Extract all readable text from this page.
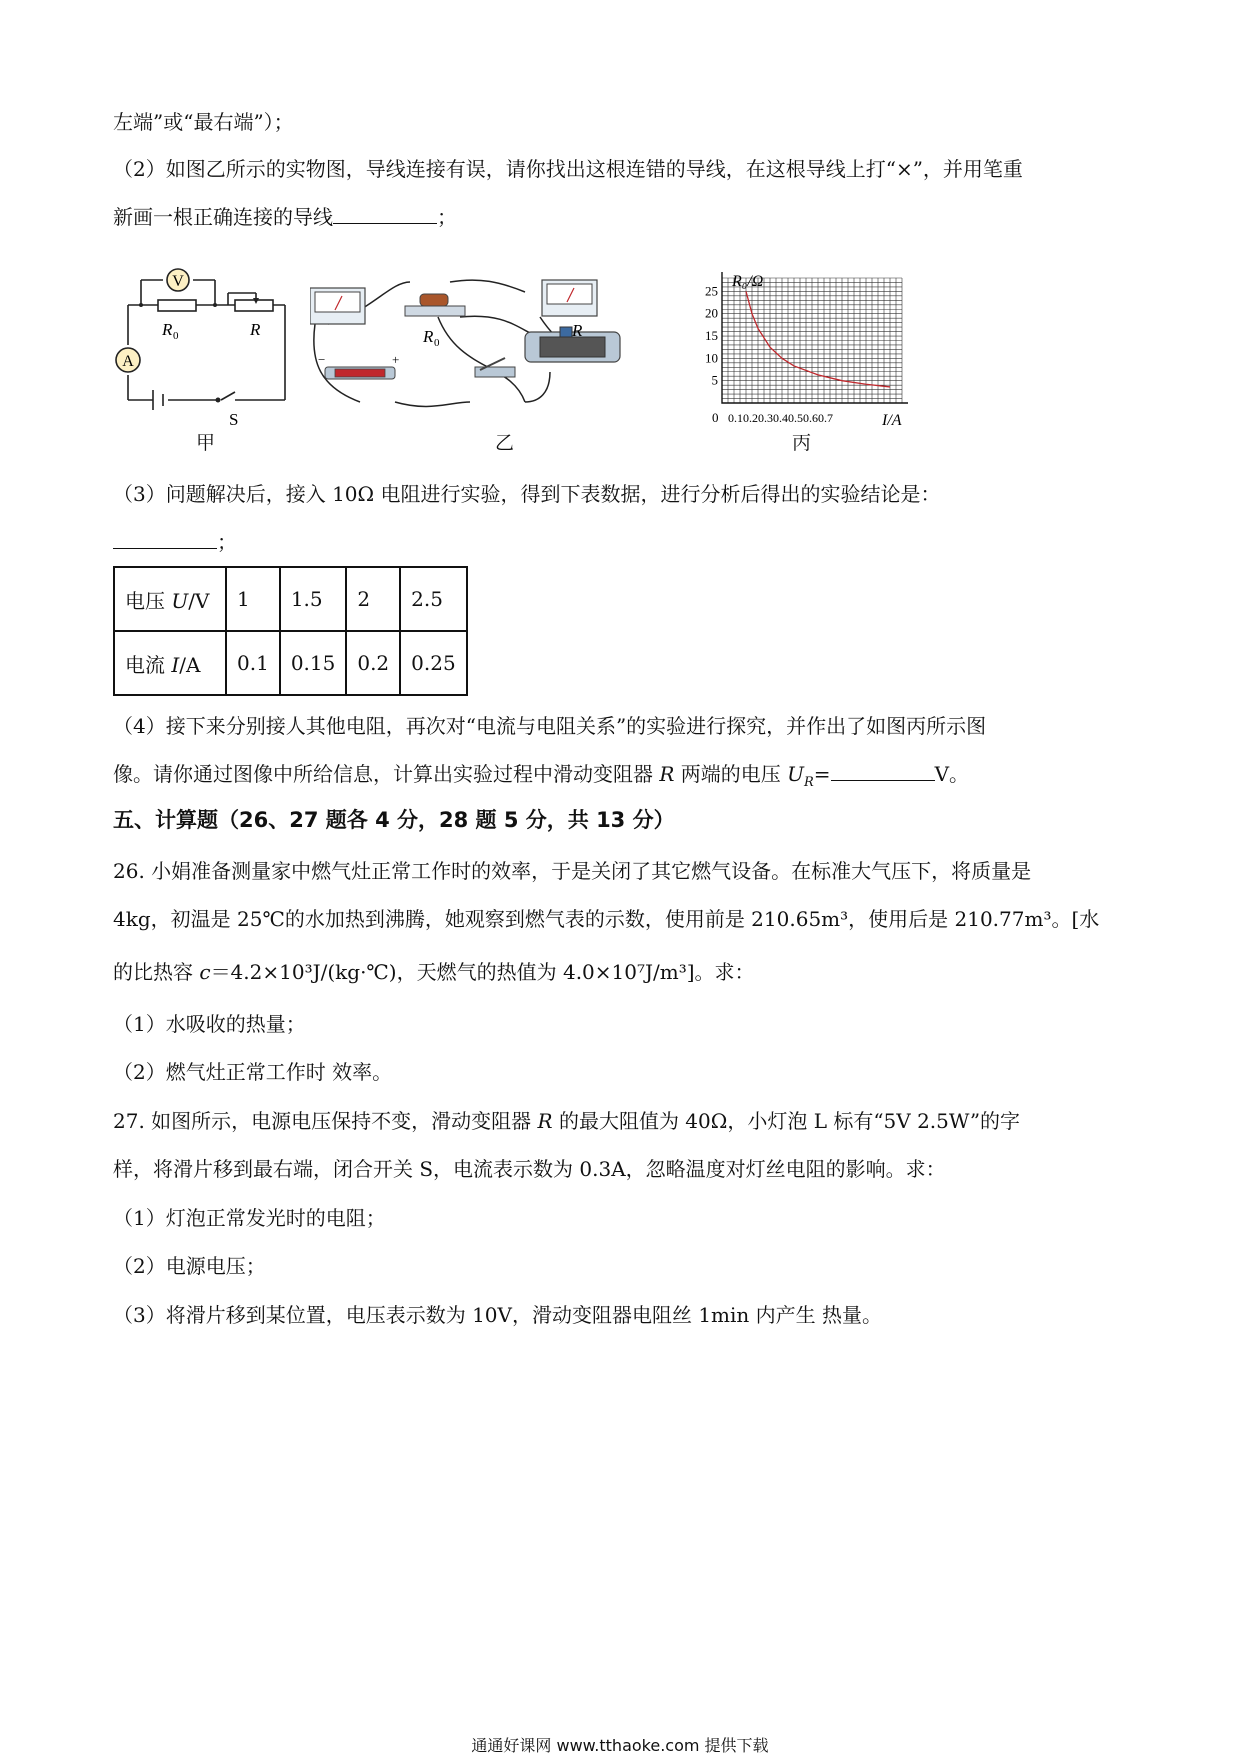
左端”或“最右端”）；
（2）如图乙所示的实物图，导线连接有误，请你找出这根连错的导线，在这根导线上打“×”，并用笔重
新画一根正确连接的导线	；
V
A
R 0	R
S
甲
−	+
R 0
R
乙
25
20
15
10
5
R₀/Ω
I/A
0 0.10.20.30.40.50.60.7
丙
（3）问题解决后，接入 10Ω 电阻进行实验，得到下表数据，进行分析后得出的实验结论是：
；
电压 U/V	1	1.5	2	2.5
电流 I/A	0.1	0.15	0.2	0.25
（4）接下来分别接人其他电阻，再次对“电流与电阻关系”的实验进行探究，并作出了如图丙所示图
像。请你通过图像中所给信息，计算出实验过程中滑动变阻器 R 两端的电压 $U_R=$	V。
五、计算题（26、27 题各 4 分，28 题 5 分，共 13 分）
26. 小娟准备测量家中燃气灶正常工作时的效率，于是关闭了其它燃气设备。在标准大气压下，将质量是
4kg，初温是 25℃的水加热到沸腾，她观察到燃气表的示数，使用前是 210.65m³，使用后是 210.77m³。[水
的比热容 c＝4.2×10³J/(kg·℃)，天燃气的热值为 4.0×10⁷J/m³]。求：
（1）水吸收的热量；
（2）燃气灶正常工作时 效率。
27. 如图所示，电源电压保持不变，滑动变阻器 R 的最大阻值为 40Ω，小灯泡 L 标有“5V 2.5W”的字
样，将滑片移到最右端，闭合开关 S，电流表示数为 0.3A，忽略温度对灯丝电阻的影响。求：
（1）灯泡正常发光时的电阻；
（2）电源电压；
（3）将滑片移到某位置，电压表示数为 10V，滑动变阻器电阻丝 1min 内产生 热量。
通通好课网 www.tthaoke.com 提供下载
